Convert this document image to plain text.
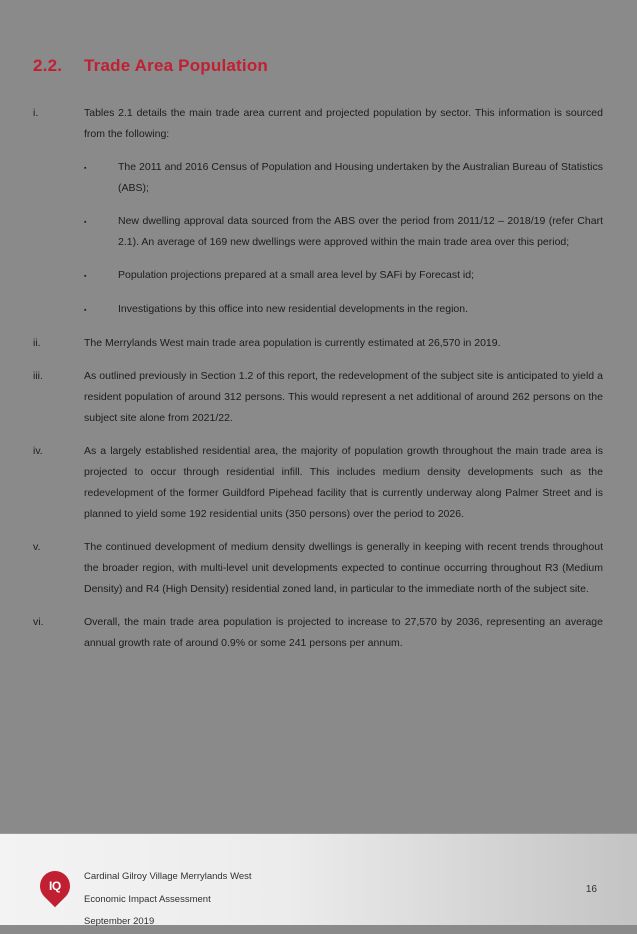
2.2.	Trade Area Population
i.	Tables 2.1 details the main trade area current and projected population by sector. This information is sourced from the following:

▪	The 2011 and 2016 Census of Population and Housing undertaken by the Australian Bureau of Statistics (ABS);

▪	New dwelling approval data sourced from the ABS over the period from 2011/12 – 2018/19 (refer Chart 2.1). An average of 169 new dwellings were approved within the main trade area over this period;

▪	Population projections prepared at a small area level by SAFi by Forecast id;

▪	Investigations by this office into new residential developments in the region.

ii.	The Merrylands West main trade area population is currently estimated at 26,570 in 2019.

iii.	As outlined previously in Section 1.2 of this report, the redevelopment of the subject site is anticipated to yield a resident population of around 312 persons. This would represent a net additional of around 262 persons on the subject site alone from 2021/22.

iv.	As a largely established residential area, the majority of population growth throughout the main trade area is projected to occur through residential infill. This includes medium density developments such as the redevelopment of the former Guildford Pipehead facility that is currently underway along Palmer Street and is planned to yield some 192 residential units (350 persons) over the period to 2026.

v.	The continued development of medium density dwellings is generally in keeping with recent trends throughout the broader region, with multi-level unit developments expected to continue occurring throughout R3 (Medium Density) and R4 (High Density) residential zoned land, in particular to the immediate north of the subject site.

vi.	Overall, the main trade area population is projected to increase to 27,570 by 2036, representing an average annual growth rate of around 0.9% or some 241 persons per annum.

IQ
Cardinal Gilroy Village Merrylands West
Economic Impact Assessment
September 2019
16
